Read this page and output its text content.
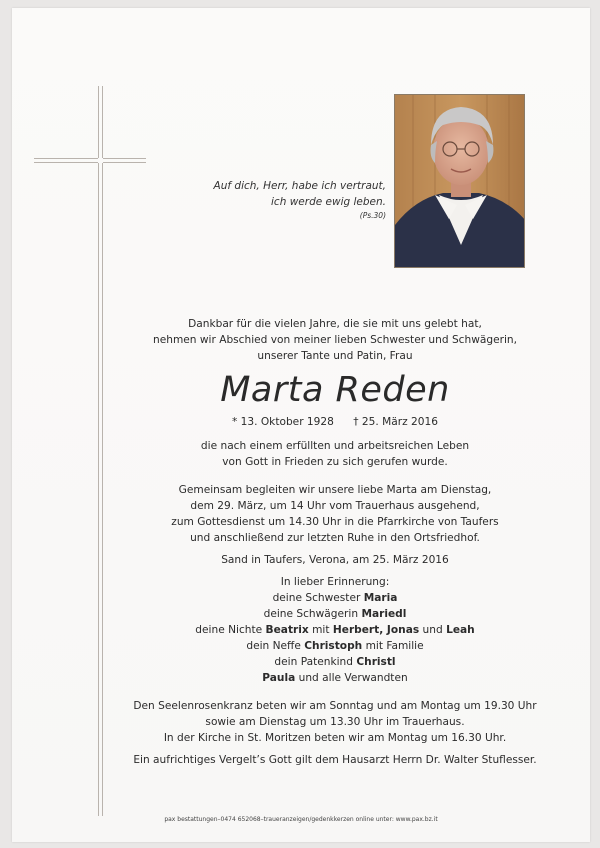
Auf dich, Herr, habe ich vertraut,
ich werde ewig leben.
(Ps.30)
Dankbar für die vielen Jahre, die sie mit uns gelebt hat,
nehmen wir Abschied von meiner lieben Schwester und Schwägerin,
unserer Tante und Patin, Frau
Marta Reden
* 13. Oktober 1928 † 25. März 2016
die nach einem erfüllten und arbeitsreichen Leben
von Gott in Frieden zu sich gerufen wurde.
Gemeinsam begleiten wir unsere liebe Marta am Dienstag,
dem 29. März, um 14 Uhr vom Trauerhaus ausgehend,
zum Gottesdienst um 14.30 Uhr in die Pfarrkirche von Taufers
und anschließend zur letzten Ruhe in den Ortsfriedhof.
Sand in Taufers, Verona, am 25. März 2016
In lieber Erinnerung:
deine Schwester Maria
deine Schwägerin Mariedl
deine Nichte Beatrix mit Herbert, Jonas und Leah
dein Neffe Christoph mit Familie
dein Patenkind Christl
Paula und alle Verwandten
Den Seelenrosenkranz beten wir am Sonntag und am Montag um 19.30 Uhr
sowie am Dienstag um 13.30 Uhr im Trauerhaus.
In der Kirche in St. Moritzen beten wir am Montag um 16.30 Uhr.
Ein aufrichtiges Vergelt’s Gott gilt dem Hausarzt Herrn Dr. Walter Stuflesser.
pax bestattungen–0474 652068–traueranzeigen/gedenkkerzen online unter: www.pax.bz.it
